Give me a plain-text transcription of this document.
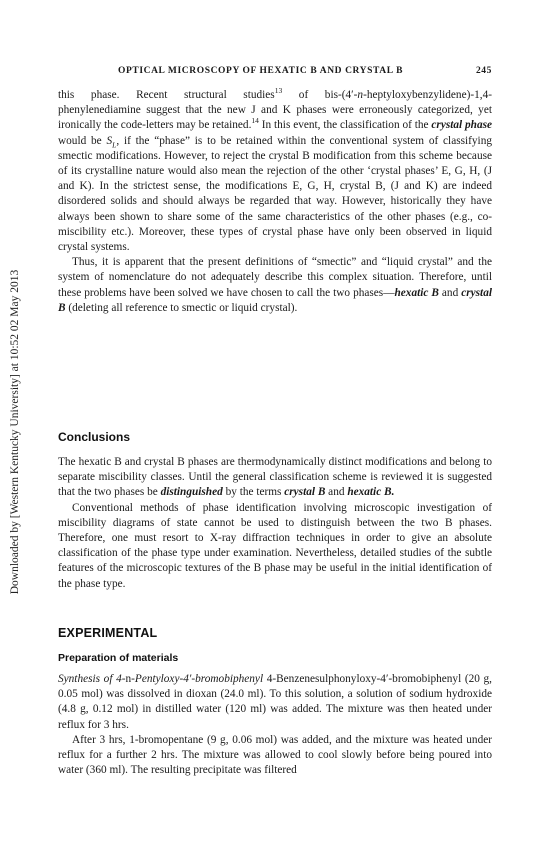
Downloaded by [Western Kentucky University] at 10:52 02 May 2013
OPTICAL MICROSCOPY OF HEXATIC B AND CRYSTAL B	245

this phase. Recent structural studies$^{13}$ of bis-(4′-n-heptyloxybenzylidene)-1,4-phenylenediamine suggest that the new J and K phases were erroneously categorized, yet ironically the code-letters may be retained.$^{14}$ In this event, the classification of the crystal phase would be $S_L$, if the “phase” is to be retained within the conventional system of classifying smectic modifications. However, to reject the crystal B modification from this scheme because of its crystalline nature would also mean the rejection of the other ‘crystal phases’ E, G, H, (J and K). In the strictest sense, the modifications E, G, H, crystal B, (J and K) are indeed disordered solids and should always be regarded that way. However, historically they have always been shown to share some of the same characteristics of the other phases (e.g., co-miscibility etc.). Moreover, these types of crystal phase have only been observed in liquid crystal systems.

Thus, it is apparent that the present definitions of “smectic” and “liquid crystal” and the system of nomenclature do not adequately describe this complex situation. Therefore, until these problems have been solved we have chosen to call the two phases—hexatic B and crystal B (deleting all reference to smectic or liquid crystal).

Conclusions

The hexatic B and crystal B phases are thermodynamically distinct modifications and belong to separate miscibility classes. Until the general classification scheme is reviewed it is suggested that the two phases be distinguished by the terms crystal B and hexatic B.

Conventional methods of phase identification involving microscopic investigation of miscibility diagrams of state cannot be used to distinguish between the two B phases. Therefore, one must resort to X-ray diffraction techniques in order to give an absolute classification of the phase type under examination. Nevertheless, detailed studies of the subtle features of the microscopic textures of the B phase may be useful in the initial identification of the phase type.

EXPERIMENTAL
Preparation of materials

Synthesis of 4-n-Pentyloxy-4′-bromobiphenyl 4-Benzenesulphonyloxy-4′-bromobiphenyl (20 g, 0.05 mol) was dissolved in dioxan (24.0 ml). To this solution, a solution of sodium hydroxide (4.8 g, 0.12 mol) in distilled water (120 ml) was added. The mixture was then heated under reflux for 3 hrs.

After 3 hrs, 1-bromopentane (9 g, 0.06 mol) was added, and the mixture was heated under reflux for a further 2 hrs. The mixture was allowed to cool slowly before being poured into water (360 ml). The resulting precipitate was filtered
